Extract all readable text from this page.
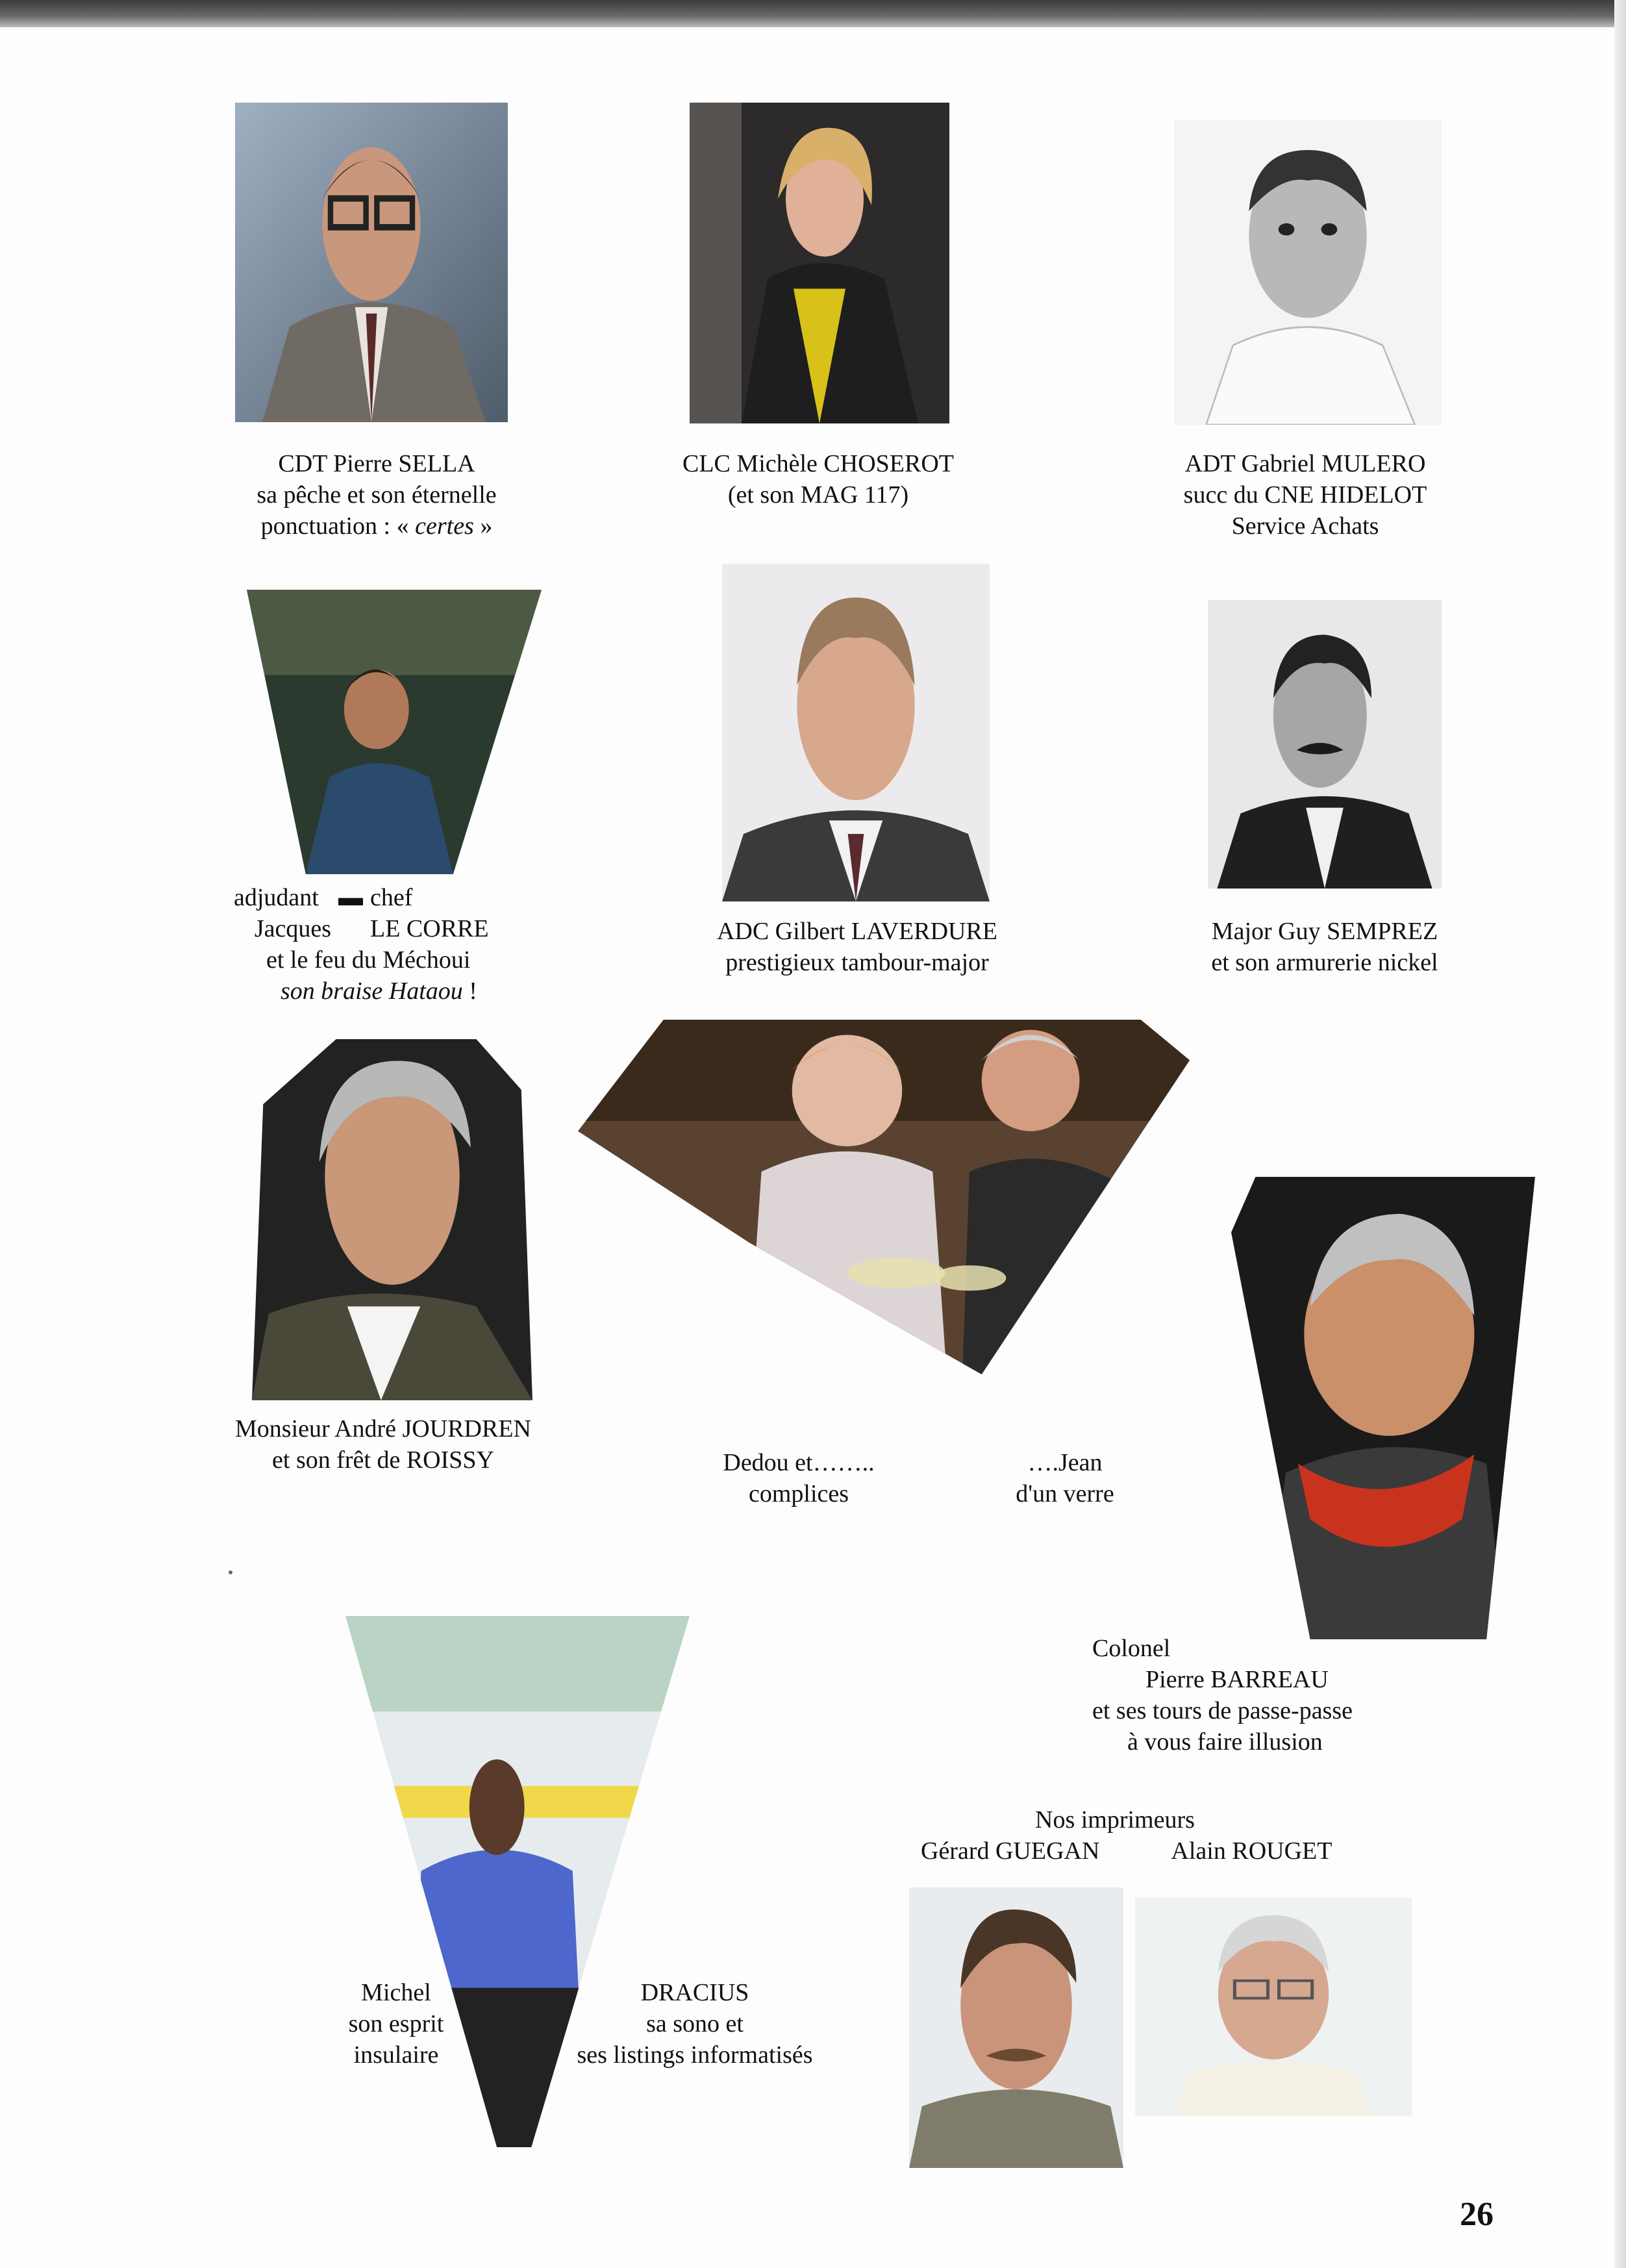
CDT Pierre SELLA
sa pêche et son éternelle
ponctuation : « certes »
CLC Michèle CHOSEROT
(et son MAG 117)
ADT Gabriel MULERO
succ du CNE HIDELOT
Service Achats
adjudant ▬ chef
Jacques LE CORRE
et le feu du Méchoui
son braise Hataou !
ADC Gilbert LAVERDURE
prestigieux tambour-major
Major Guy SEMPREZ
et son armurerie nickel
Monsieur André JOURDREN
et son frêt de ROISSY	Dedou et……..
complices
….Jean
d'un verre
Colonel
Pierre BARREAU
et ses tours de passe-passe
à vous faire illusion
Nos imprimeurs
Gérard GUEGAN	Alain ROUGET
Michel
son esprit
insulaire
DRACIUS
sa sono et
ses listings informatisés
26
